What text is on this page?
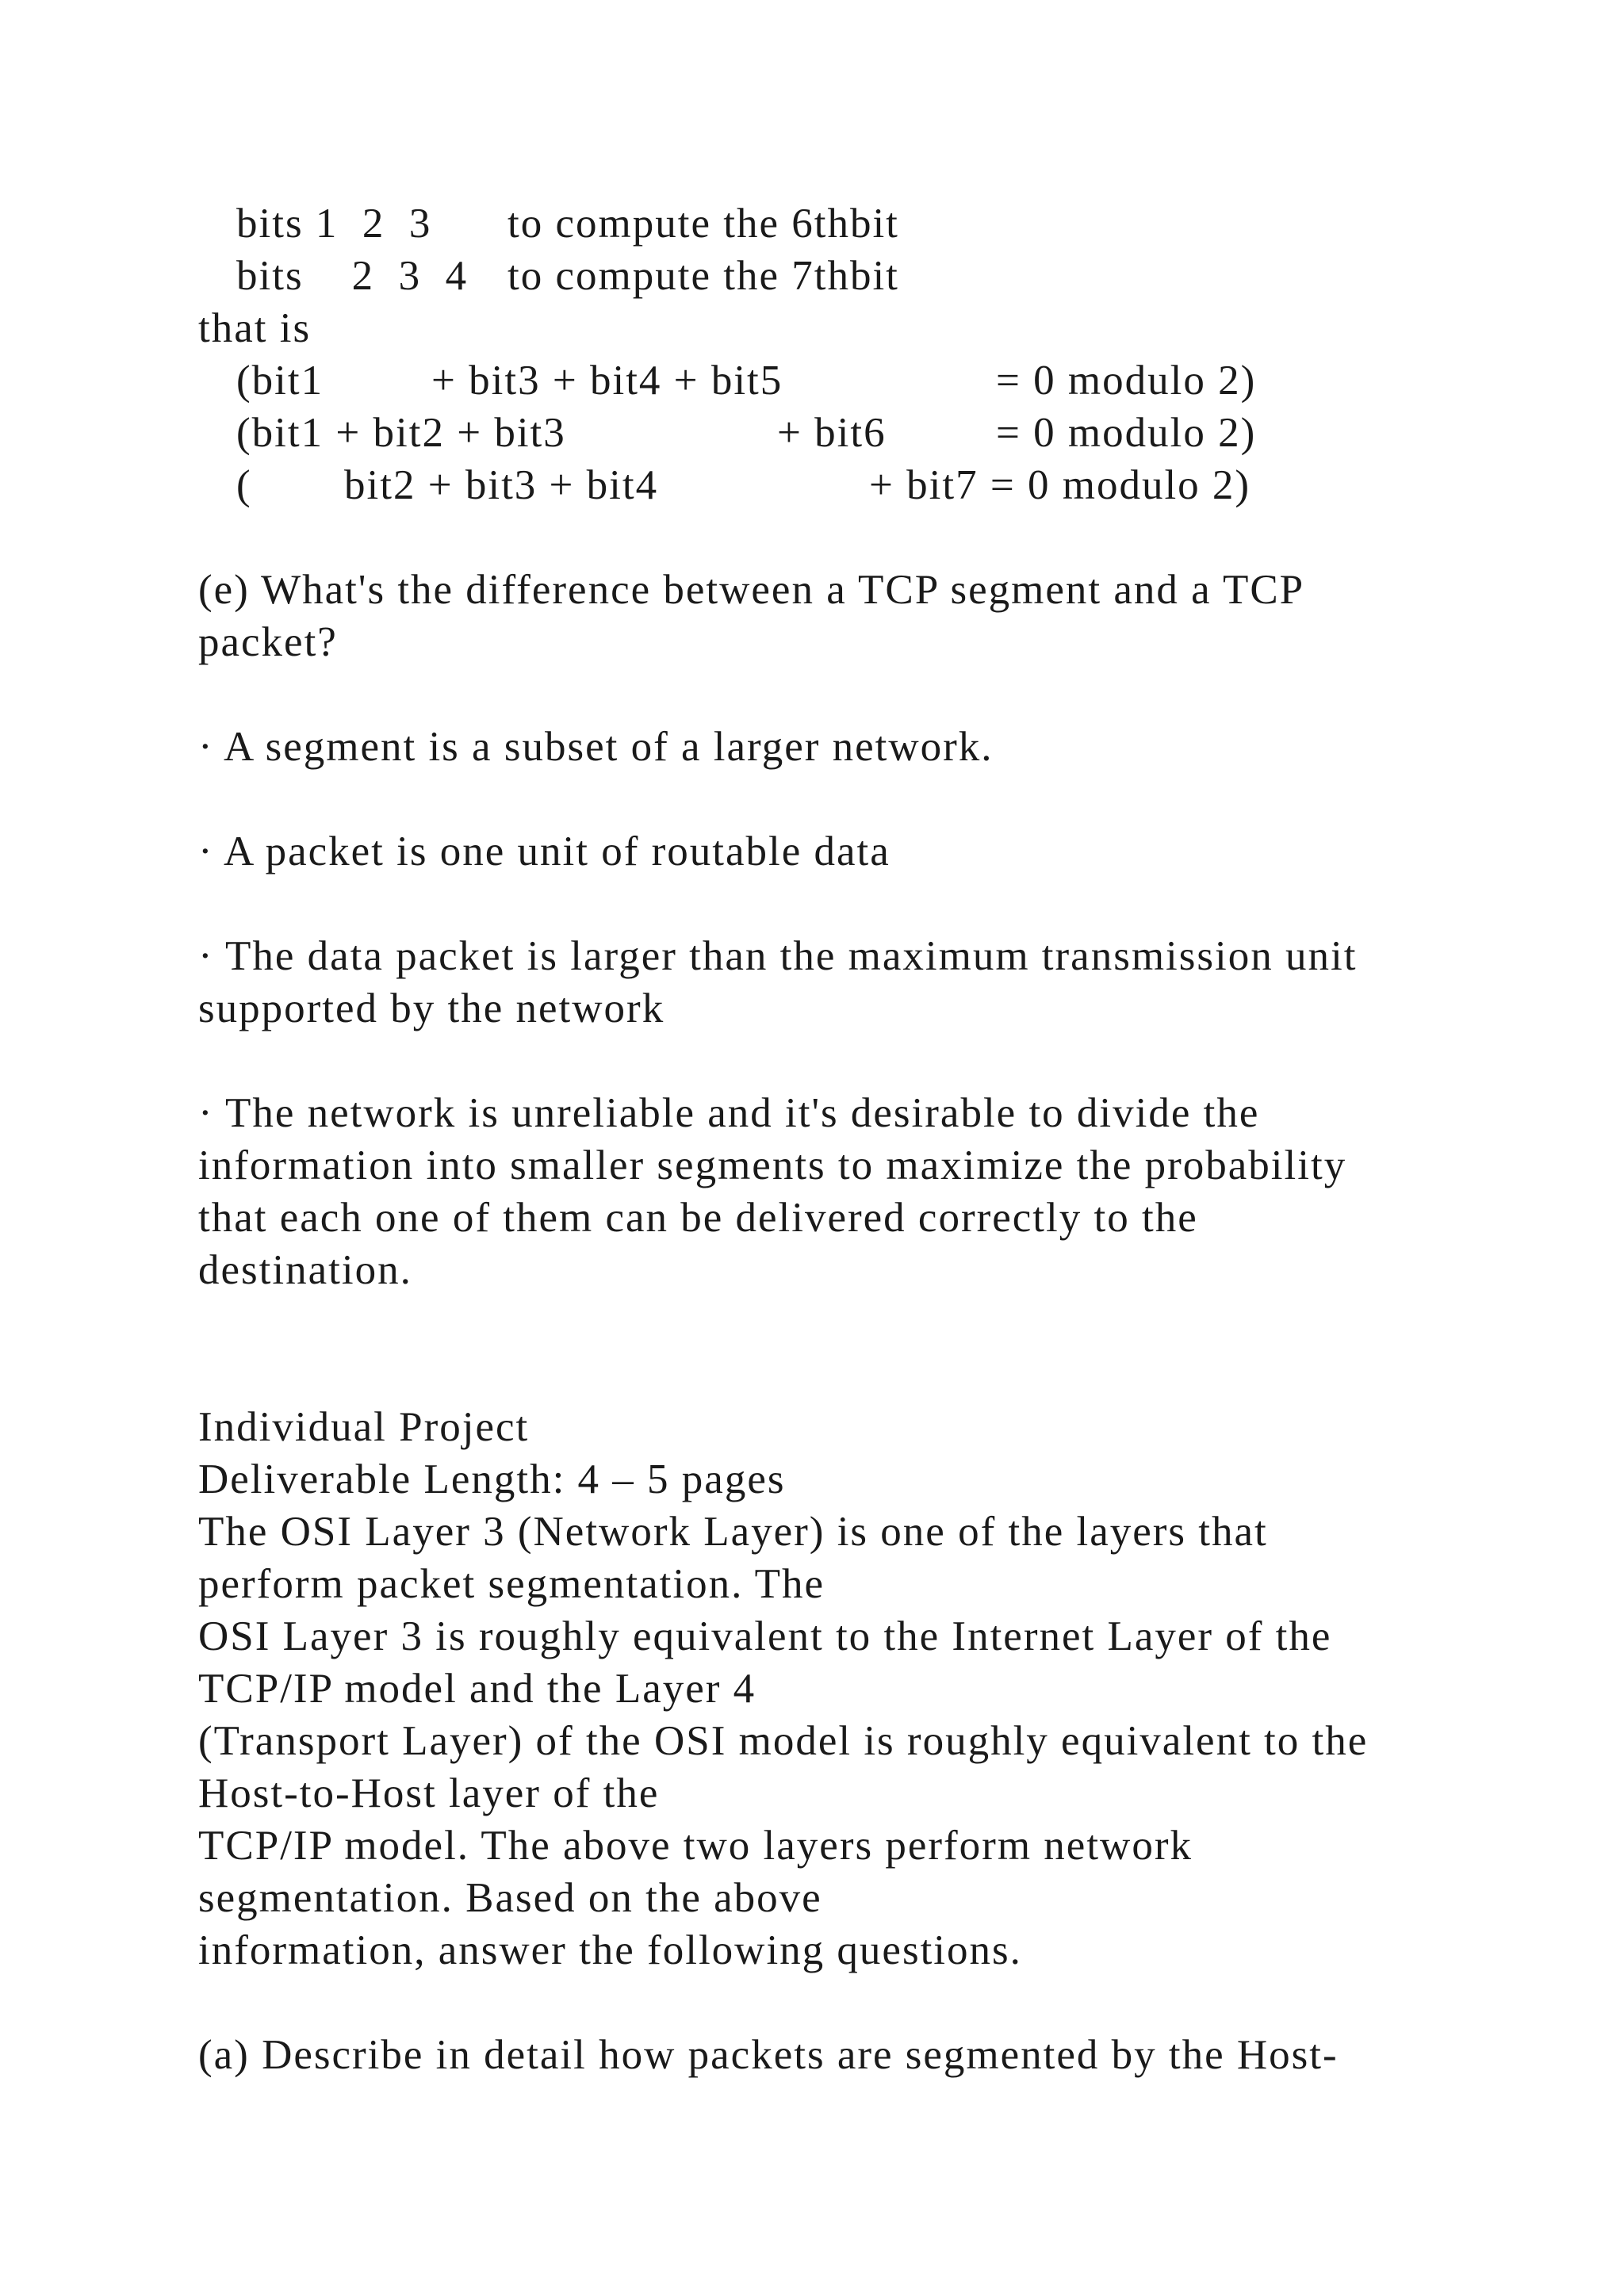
bits 1  2  3 to compute the 6thbit
bits    2  3  4 to compute the 7thbit
that is
(bit1	+ bit3 + bit4 + bit5	= 0 modulo 2)
(bit1 + bit2 + bit3	+ bit6	= 0 modulo 2)
( bit2 + bit3 + bit4	+ bit7 = 0 modulo 2)
(e) What's the difference between a TCP segment and a TCP
packet?
· A segment is a subset of a larger network.
· A packet is one unit of routable data
· The data packet is larger than the maximum transmission unit
supported by the network
· The network is unreliable and it's desirable to divide the
information into smaller segments to maximize the probability
that each one of them can be delivered correctly to the
destination.
Individual Project
Deliverable Length: 4 – 5 pages
The OSI Layer 3 (Network Layer) is one of the layers that
perform packet segmentation. The
OSI Layer 3 is roughly equivalent to the Internet Layer of the
TCP/IP model and the Layer 4
(Transport Layer) of the OSI model is roughly equivalent to the
Host-to-Host layer of the
TCP/IP model. The above two layers perform network
segmentation. Based on the above
information, answer the following questions.
(a) Describe in detail how packets are segmented by the Host-
